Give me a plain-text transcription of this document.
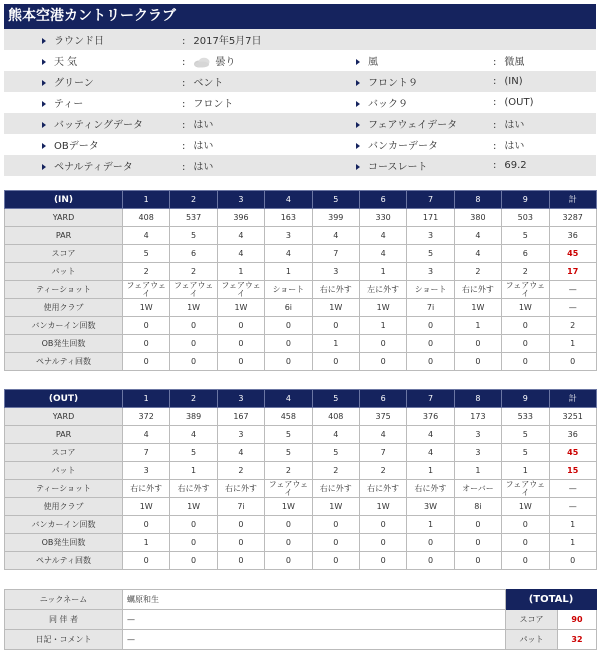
熊本空港カントリークラブ
ラウンド日	: 2017年5月7日		
天 気	: 曇り	風	: 微風
グリーン	: ベント	フロント９	: (IN)
ティー	: フロント	バック９	: (OUT)
バッティングデータ	: はい	フェアウェイデータ	: はい
OBデータ	: はい	バンカーデータ	: はい
ペナルティデータ	: はい	コースレート	: 69.2
(IN)	1	2	3	4	5	6	7	8	9	計
YARD	408	537	396	163	399	330	171	380	503	3287
PAR	4	5	4	3	4	4	3	4	5	36
スコア	5	6	4	4	7	4	5	4	6	45
パット	2	2	1	1	3	1	3	2	2	17
ティーショット	フェアウェイ	フェアウェイ	フェアウェイ	ショート	右に外す	左に外す	ショート	右に外す	フェアウェイ	—
使用クラブ	1W	1W	1W	6i	1W	1W	7i	1W	1W	—
バンカーイン回数	0	0	0	0	0	1	0	1	0	2
OB発生回数	0	0	0	0	1	0	0	0	0	1
ペナルティ回数	0	0	0	0	0	0	0	0	0	0
(OUT)	1	2	3	4	5	6	7	8	9	計
YARD	372	389	167	458	408	375	376	173	533	3251
PAR	4	4	3	5	4	4	4	3	5	36
スコア	7	5	4	5	5	7	4	3	5	45
パット	3	1	2	2	2	2	1	1	1	15
ティーショット	右に外す	右に外す	右に外す	フェアウェイ	右に外す	右に外す	右に外す	オーバー	フェアウェイ	—
使用クラブ	1W	1W	7i	1W	1W	1W	3W	8i	1W	—
バンカーイン回数	0	0	0	0	0	0	1	0	0	1
OB発生回数	1	0	0	0	0	0	0	0	0	1
ペナルティ回数	0	0	0	0	0	0	0	0	0	0
ニックネーム	蠣原和生	(TOTAL)	
同 伴 者	—	スコア	90
日記・コメント	—	パット	32
